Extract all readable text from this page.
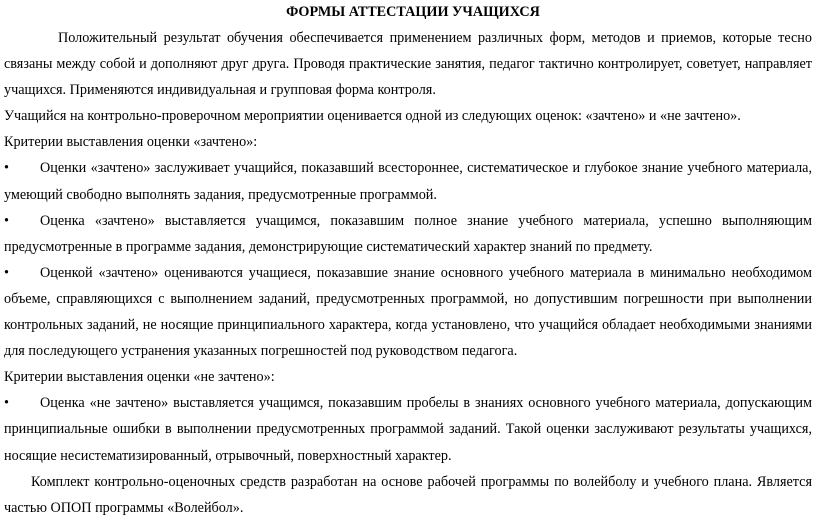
ФОРМЫ АТТЕСТАЦИИ УЧАЩИХСЯ

Положительный результат обучения обеспечивается применением различных форм, методов и приемов, которые тесно связаны между собой и дополняют друг друга. Проводя практические занятия, педагог тактично контролирует, советует, направляет учащихся. Применяются индивидуальная и групповая форма контроля.

Учащийся на контрольно-проверочном мероприятии оценивается одной из следующих оценок: «зачтено» и «не зачтено».

Критерии выставления оценки «зачтено»:

• Оценки «зачтено» заслуживает учащийся, показавший всестороннее, систематическое и глубокое знание учебного материала, умеющий свободно выполнять задания, предусмотренные программой.

• Оценка «зачтено» выставляется учащимся, показавшим полное знание учебного материала, успешно выполняющим предусмотренные в программе задания, демонстрирующие систематический характер знаний по предмету.

• Оценкой «зачтено» оцениваются учащиеся, показавшие знание основного учебного материала в минимально необходимом объеме, справляющихся с выполнением заданий, предусмотренных программой, но допустившим погрешности при выполнении контрольных заданий, не носящие принципиального характера, когда установлено, что учащийся обладает необходимыми знаниями для последующего устранения указанных погрешностей под руководством педагога.

Критерии выставления оценки «не зачтено»:

• Оценка «не зачтено» выставляется учащимся, показавшим пробелы в знаниях основного учебного материала, допускающим принципиальные ошибки в выполнении предусмотренных программой заданий. Такой оценки заслуживают результаты учащихся, носящие несистематизированный, отрывочный, поверхностный характер.

Комплект контрольно-оценочных средств разработан на основе рабочей программы по волейболу и учебного плана. Является частью ОПОП программы «Волейбол».
